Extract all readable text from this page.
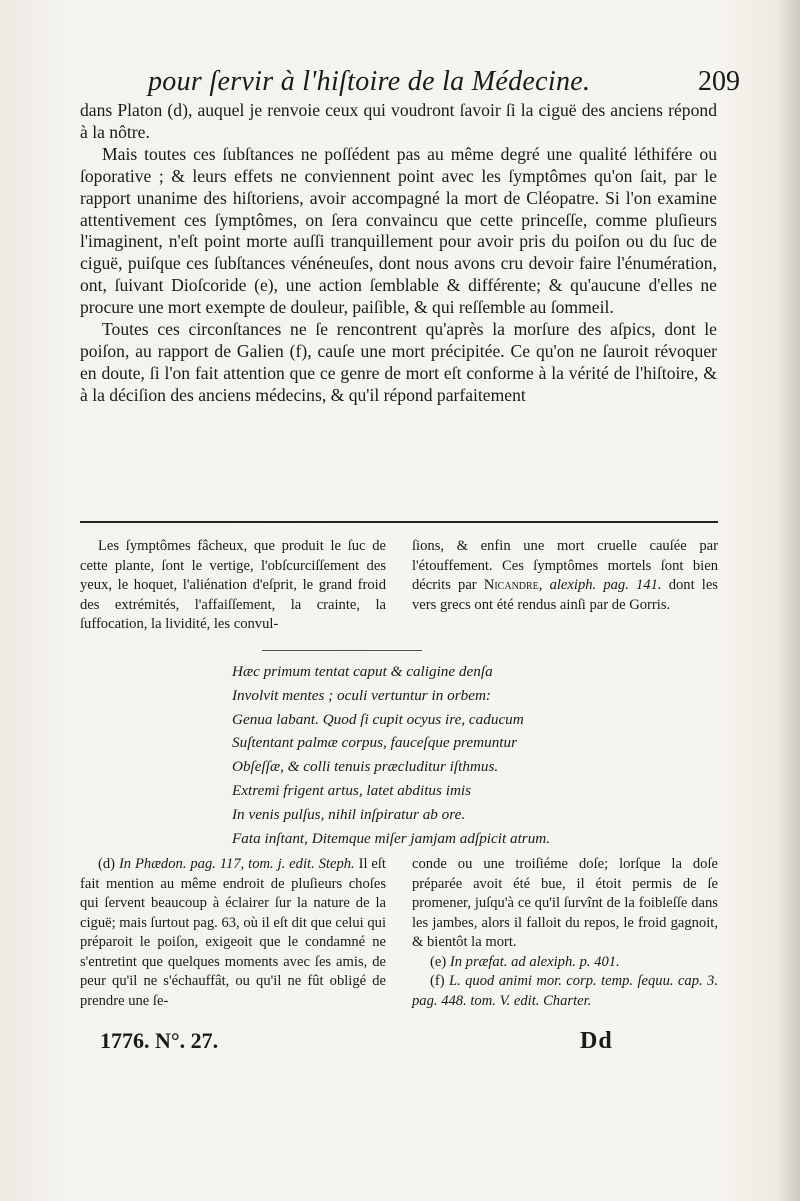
pour ſervir à l'hiſtoire de la Médecine.	209

dans Platon (d), auquel je renvoie ceux qui voudront ſavoir ſi la ciguë des anciens répond à la nôtre.

Mais toutes ces ſubſtances ne poſſédent pas au même degré une qualité léthifére ou ſoporative ; & leurs effets ne conviennent point avec les ſymptômes qu'on ſait, par le rapport unanime des hiſtoriens, avoir accompagné la mort de Cléopatre. Si l'on examine attentivement ces ſymptômes, on ſera convaincu que cette princeſſe, comme pluſieurs l'imaginent, n'eſt point morte auſſi tranquillement pour avoir pris du poiſon ou du ſuc de ciguë, puiſque ces ſubſtances vénéneuſes, dont nous avons cru devoir faire l'énumération, ont, ſuivant Dioſcoride (e), une action ſemblable & différente; & qu'aucune d'elles ne procure une mort exempte de douleur, paiſible, & qui reſſemble au ſommeil.

Toutes ces circonſtances ne ſe rencontrent qu'après la morſure des aſpics, dont le poiſon, au rapport de Galien (f), cauſe une mort précipitée. Ce qu'on ne ſauroit révoquer en doute, ſi l'on fait attention que ce genre de mort eſt conforme à la vérité de l'hiſtoire, & à la déciſion des anciens médecins, & qu'il répond parfaitement

Les ſymptômes fâcheux, que produit le ſuc de cette plante, ſont le vertige, l'obſcurciſſement des yeux, le hoquet, l'aliénation d'eſprit, le grand froid des extrémités, l'affaiſſement, la crainte, la ſuffocation, la lividité, les convul-

ſions, & enfin une mort cruelle cauſée par l'étouffement. Ces ſymptômes mortels ſont bien décrits par Nicandre, alexiph. pag. 141. dont les vers grecs ont été rendus ainſi par de Gorris.

Hæc primum tentat caput & caligine denſa
Involvit mentes ; oculi vertuntur in orbem:
Genua labant. Quod ſi cupit ocyus ire, caducum
Suſtentant palmæ corpus, fauceſque premuntur
Obſeſſæ, & colli tenuis præcluditur iſthmus.
Extremi frigent artus, latet abditus imis
In venis pulſus, nihil inſpiratur ab ore.
Fata inſtant, Ditemque miſer jamjam adſpicit atrum.

(d) In Phædon. pag. 117, tom. j. edit. Steph. Il eſt fait mention au même endroit de pluſieurs choſes qui ſervent beaucoup à éclairer ſur la nature de la ciguë; mais ſurtout pag. 63, où il eſt dit que celui qui préparoit le poiſon, exigeoit que le condamné ne s'entretint que quelques moments avec ſes amis, de peur qu'il ne s'échauffât, ou qu'il ne fût obligé de prendre une ſe-

conde ou une troiſiéme doſe; lorſque la doſe préparée avoit été bue, il étoit permis de ſe promener, juſqu'à ce qu'il ſurvînt de la foibleſſe dans les jambes, alors il falloit du repos, le froid gagnoit, & bientôt la mort.

(e) In præfat. ad alexiph. p. 401.

(f) L. quod animi mor. corp. temp. ſequu. cap. 3. pag. 448. tom. V. edit. Charter.

1776. N°. 27.	Dd
